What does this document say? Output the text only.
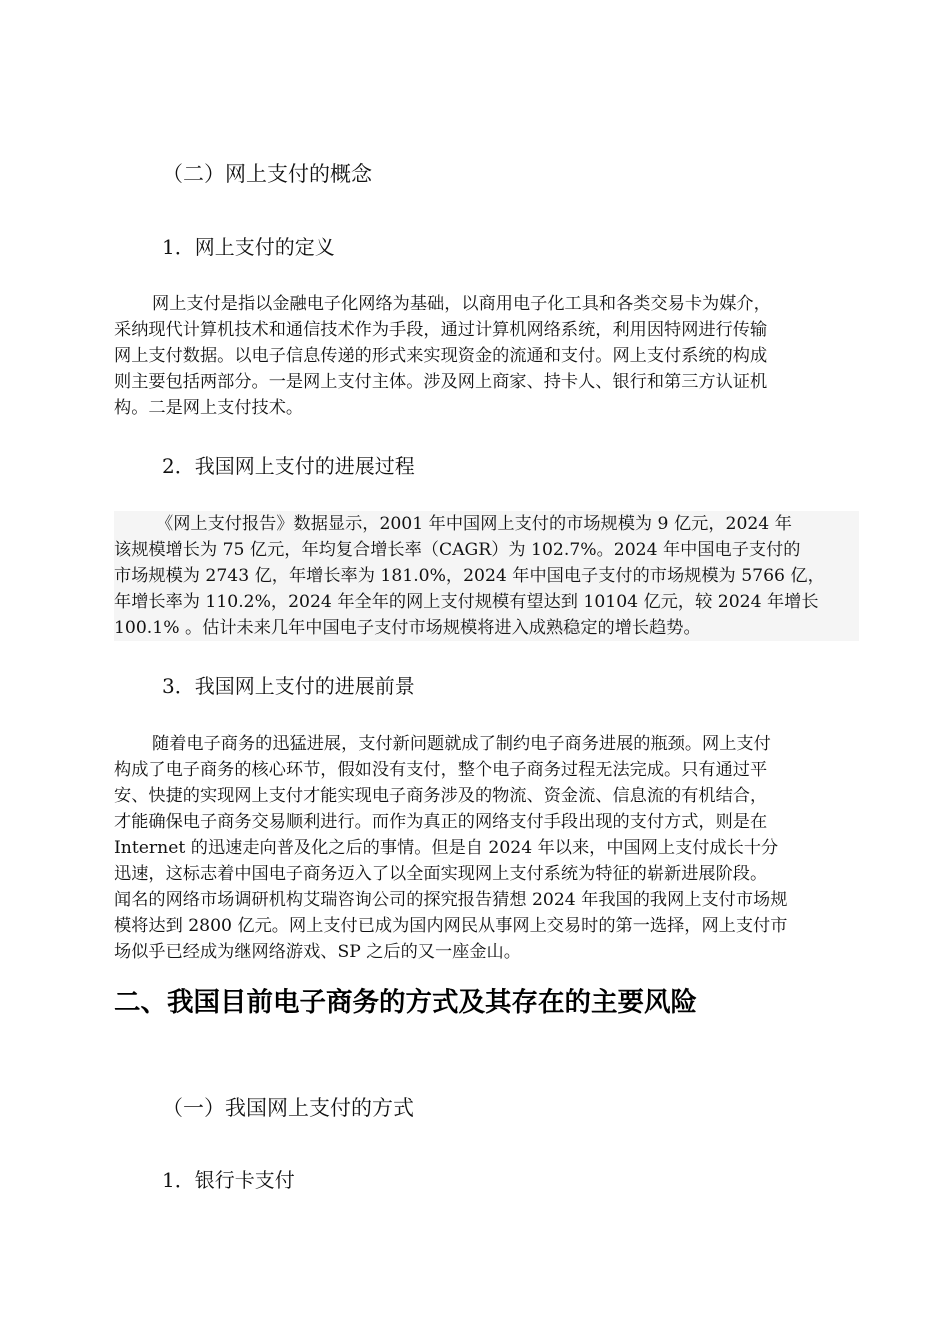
（二）网上支付的概念
1．网上支付的定义
网上支付是指以金融电子化网络为基础，以商用电子化工具和各类交易卡为媒介，
采纳现代计算机技术和通信技术作为手段，通过计算机网络系统，利用因特网进行传输
网上支付数据。以电子信息传递的形式来实现资金的流通和支付。网上支付系统的构成
则主要包括两部分。一是网上支付主体。涉及网上商家、持卡人、银行和第三方认证机
构。二是网上支付技术。
2．我国网上支付的进展过程
《网上支付报告》数据显示，2001 年中国网上支付的市场规模为 9 亿元，2024 年
该规模增长为 75 亿元，年均复合增长率（CAGR）为 102.7%。2024 年中国电子支付的
市场规模为 2743 亿，年增长率为 181.0%，2024 年中国电子支付的市场规模为 5766 亿，
年增长率为 110.2%，2024 年全年的网上支付规模有望达到 10104 亿元，较 2024 年增长
100.1% 。估计未来几年中国电子支付市场规模将进入成熟稳定的增长趋势。
3．我国网上支付的进展前景
随着电子商务的迅猛进展，支付新问题就成了制约电子商务进展的瓶颈。网上支付
构成了电子商务的核心环节，假如没有支付，整个电子商务过程无法完成。只有通过平
安、快捷的实现网上支付才能实现电子商务涉及的物流、资金流、信息流的有机结合，
才能确保电子商务交易顺利进行。而作为真正的网络支付手段出现的支付方式，则是在
Internet 的迅速走向普及化之后的事情。但是自 2024 年以来，中国网上支付成长十分
迅速，这标志着中国电子商务迈入了以全面实现网上支付系统为特征的崭新进展阶段。
闻名的网络市场调研机构艾瑞咨询公司的探究报告猜想 2024 年我国的我网上支付市场规
模将达到 2800 亿元。网上支付已成为国内网民从事网上交易时的第一选择，网上支付市
场似乎已经成为继网络游戏、SP 之后的又一座金山。
二、我国目前电子商务的方式及其存在的主要风险
（一）我国网上支付的方式
1．银行卡支付
